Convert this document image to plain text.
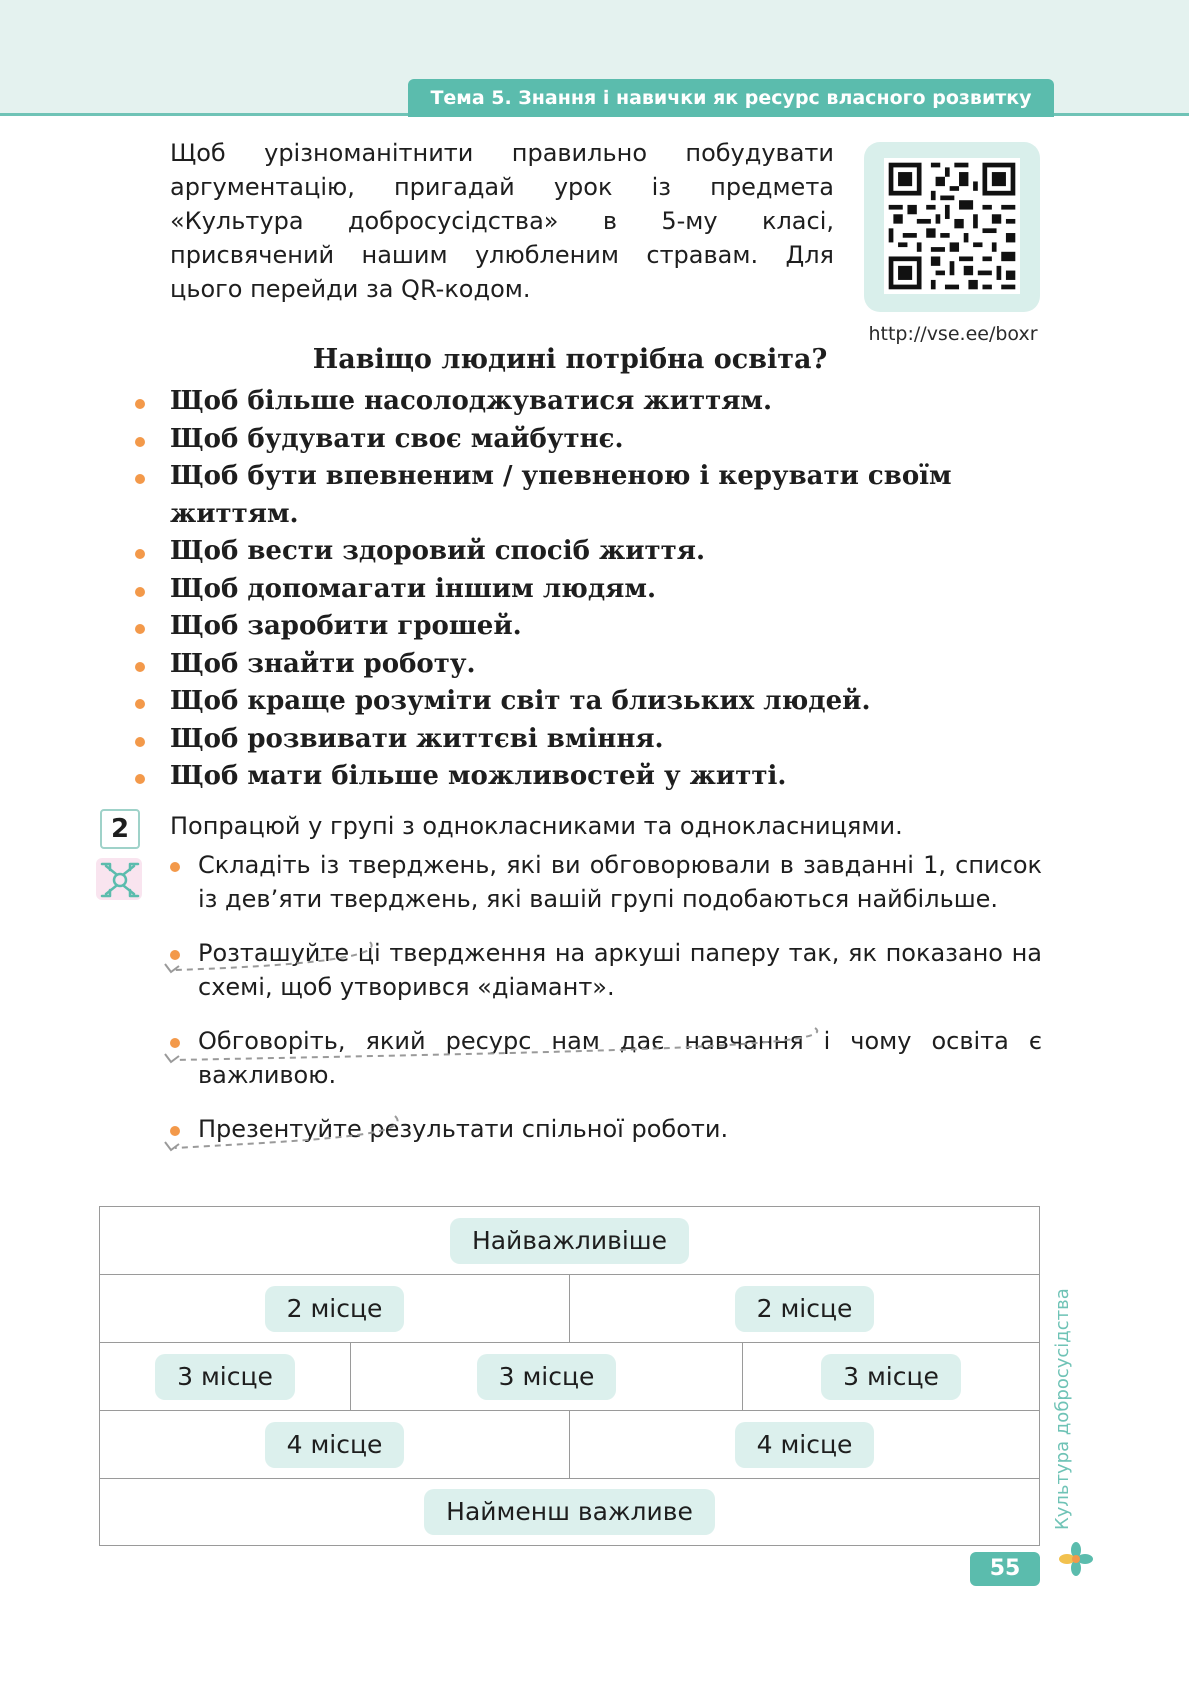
Тема 5. Знання і навички як ресурс власного розвитку

Щоб урізноманітнити правильно побудувати аргументацію, пригадай урок із предмета «Культура добросусідства» в 5-му класі, присвячений нашим улюбленим стравам. Для цього перейди за QR-кодом.

http://vse.ee/boxr
Навіщо людині потрібна освіта?
Щоб більше насолоджуватися життям.
Щоб будувати своє майбутнє.
Щоб бути впевненим / упевненою і керувати своїм життям.
Щоб вести здоровий спосіб життя.
Щоб допомагати іншим людям.
Щоб заробити грошей.
Щоб знайти роботу.
Щоб краще розуміти світ та близьких людей.
Щоб розвивати життєві вміння.
Щоб мати більше можливостей у житті.
2	Попрацюй у групі з однокласниками та однокласницями.
Складіть із тверджень, які ви обговорювали в завданні 1, список із дев’яти тверджень, які вашій групі подобаються найбільше.
Розташуйте ці твердження на аркуші паперу так, як показано на схемі, щоб утворився «діамант».
Обговоріть, який ресурс нам дає навчання і чому освіта є важливою.
Презентуйте результати спільної роботи.
Найважливіше
2 місце	2 місце
3 місце	3 місце	3 місце
4 місце	4 місце
Найменш важливе	Культура добросусідства
55
